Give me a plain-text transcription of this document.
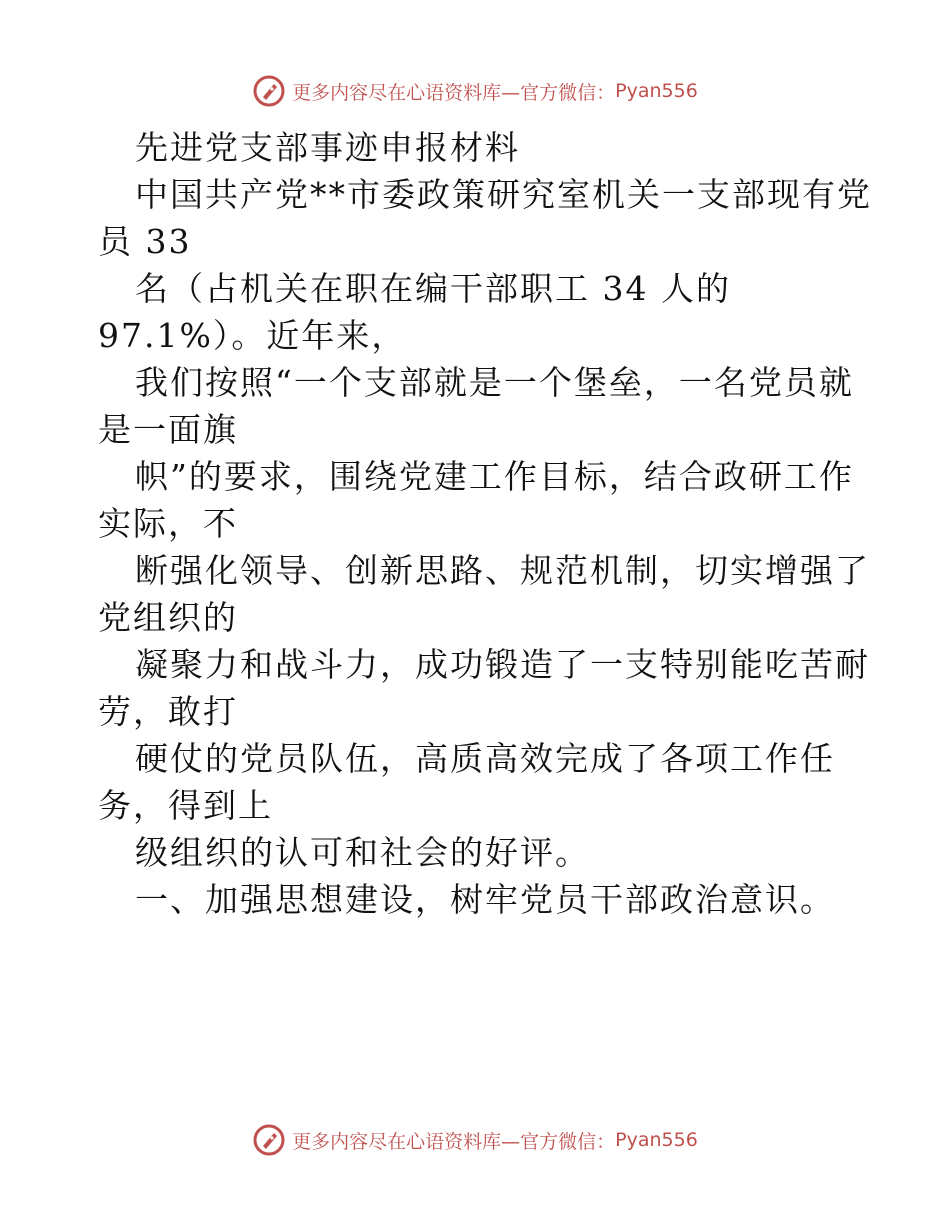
更多内容尽在心语资料库—官方微信： Pyan556
先进党支部事迹申报材料
中国共产党**市委政策研究室机关一支部现有党
员 33
名（占机关在职在编干部职工 34 人的
97.1%）。近年来，
我们按照“一个支部就是一个堡垒，一名党员就
是一面旗
帜”的要求，围绕党建工作目标，结合政研工作
实际，不
断强化领导、创新思路、规范机制，切实增强了
党组织的
凝聚力和战斗力，成功锻造了一支特别能吃苦耐
劳，敢打
硬仗的党员队伍，高质高效完成了各项工作任
务，得到上
级组织的认可和社会的好评。
一、加强思想建设，树牢党员干部政治意识。
更多内容尽在心语资料库—官方微信： Pyan556
